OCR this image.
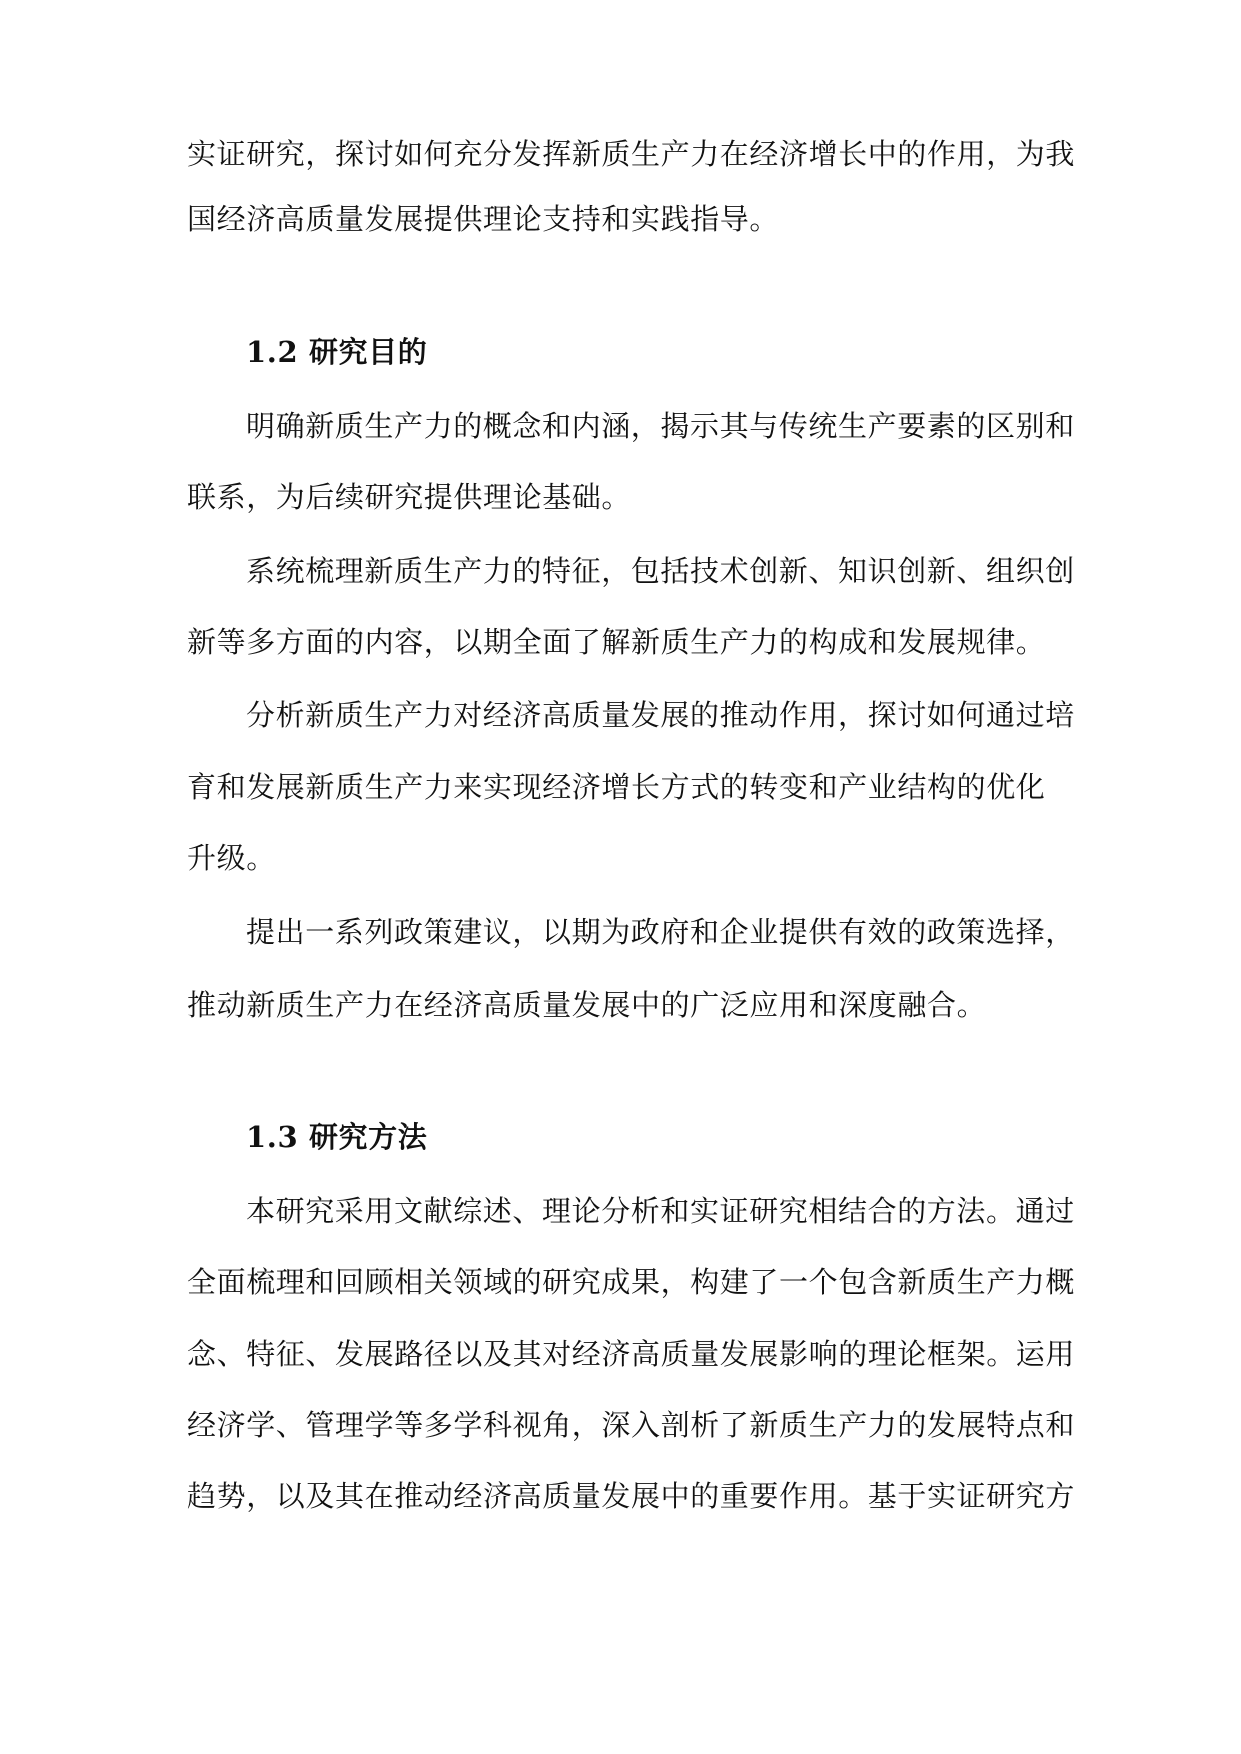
实证研究，探讨如何充分发挥新质生产力在经济增长中的作用，为我
国经济高质量发展提供理论支持和实践指导。
1.2 研究目的
明确新质生产力的概念和内涵，揭示其与传统生产要素的区别和
联系，为后续研究提供理论基础。
系统梳理新质生产力的特征，包括技术创新、知识创新、组织创
新等多方面的内容，以期全面了解新质生产力的构成和发展规律。
分析新质生产力对经济高质量发展的推动作用，探讨如何通过培
育和发展新质生产力来实现经济增长方式的转变和产业结构的优化
升级。
提出一系列政策建议，以期为政府和企业提供有效的政策选择，
推动新质生产力在经济高质量发展中的广泛应用和深度融合。
1.3 研究方法
本研究采用文献综述、理论分析和实证研究相结合的方法。通过
全面梳理和回顾相关领域的研究成果，构建了一个包含新质生产力概
念、特征、发展路径以及其对经济高质量发展影响的理论框架。运用
经济学、管理学等多学科视角，深入剖析了新质生产力的发展特点和
趋势，以及其在推动经济高质量发展中的重要作用。基于实证研究方
